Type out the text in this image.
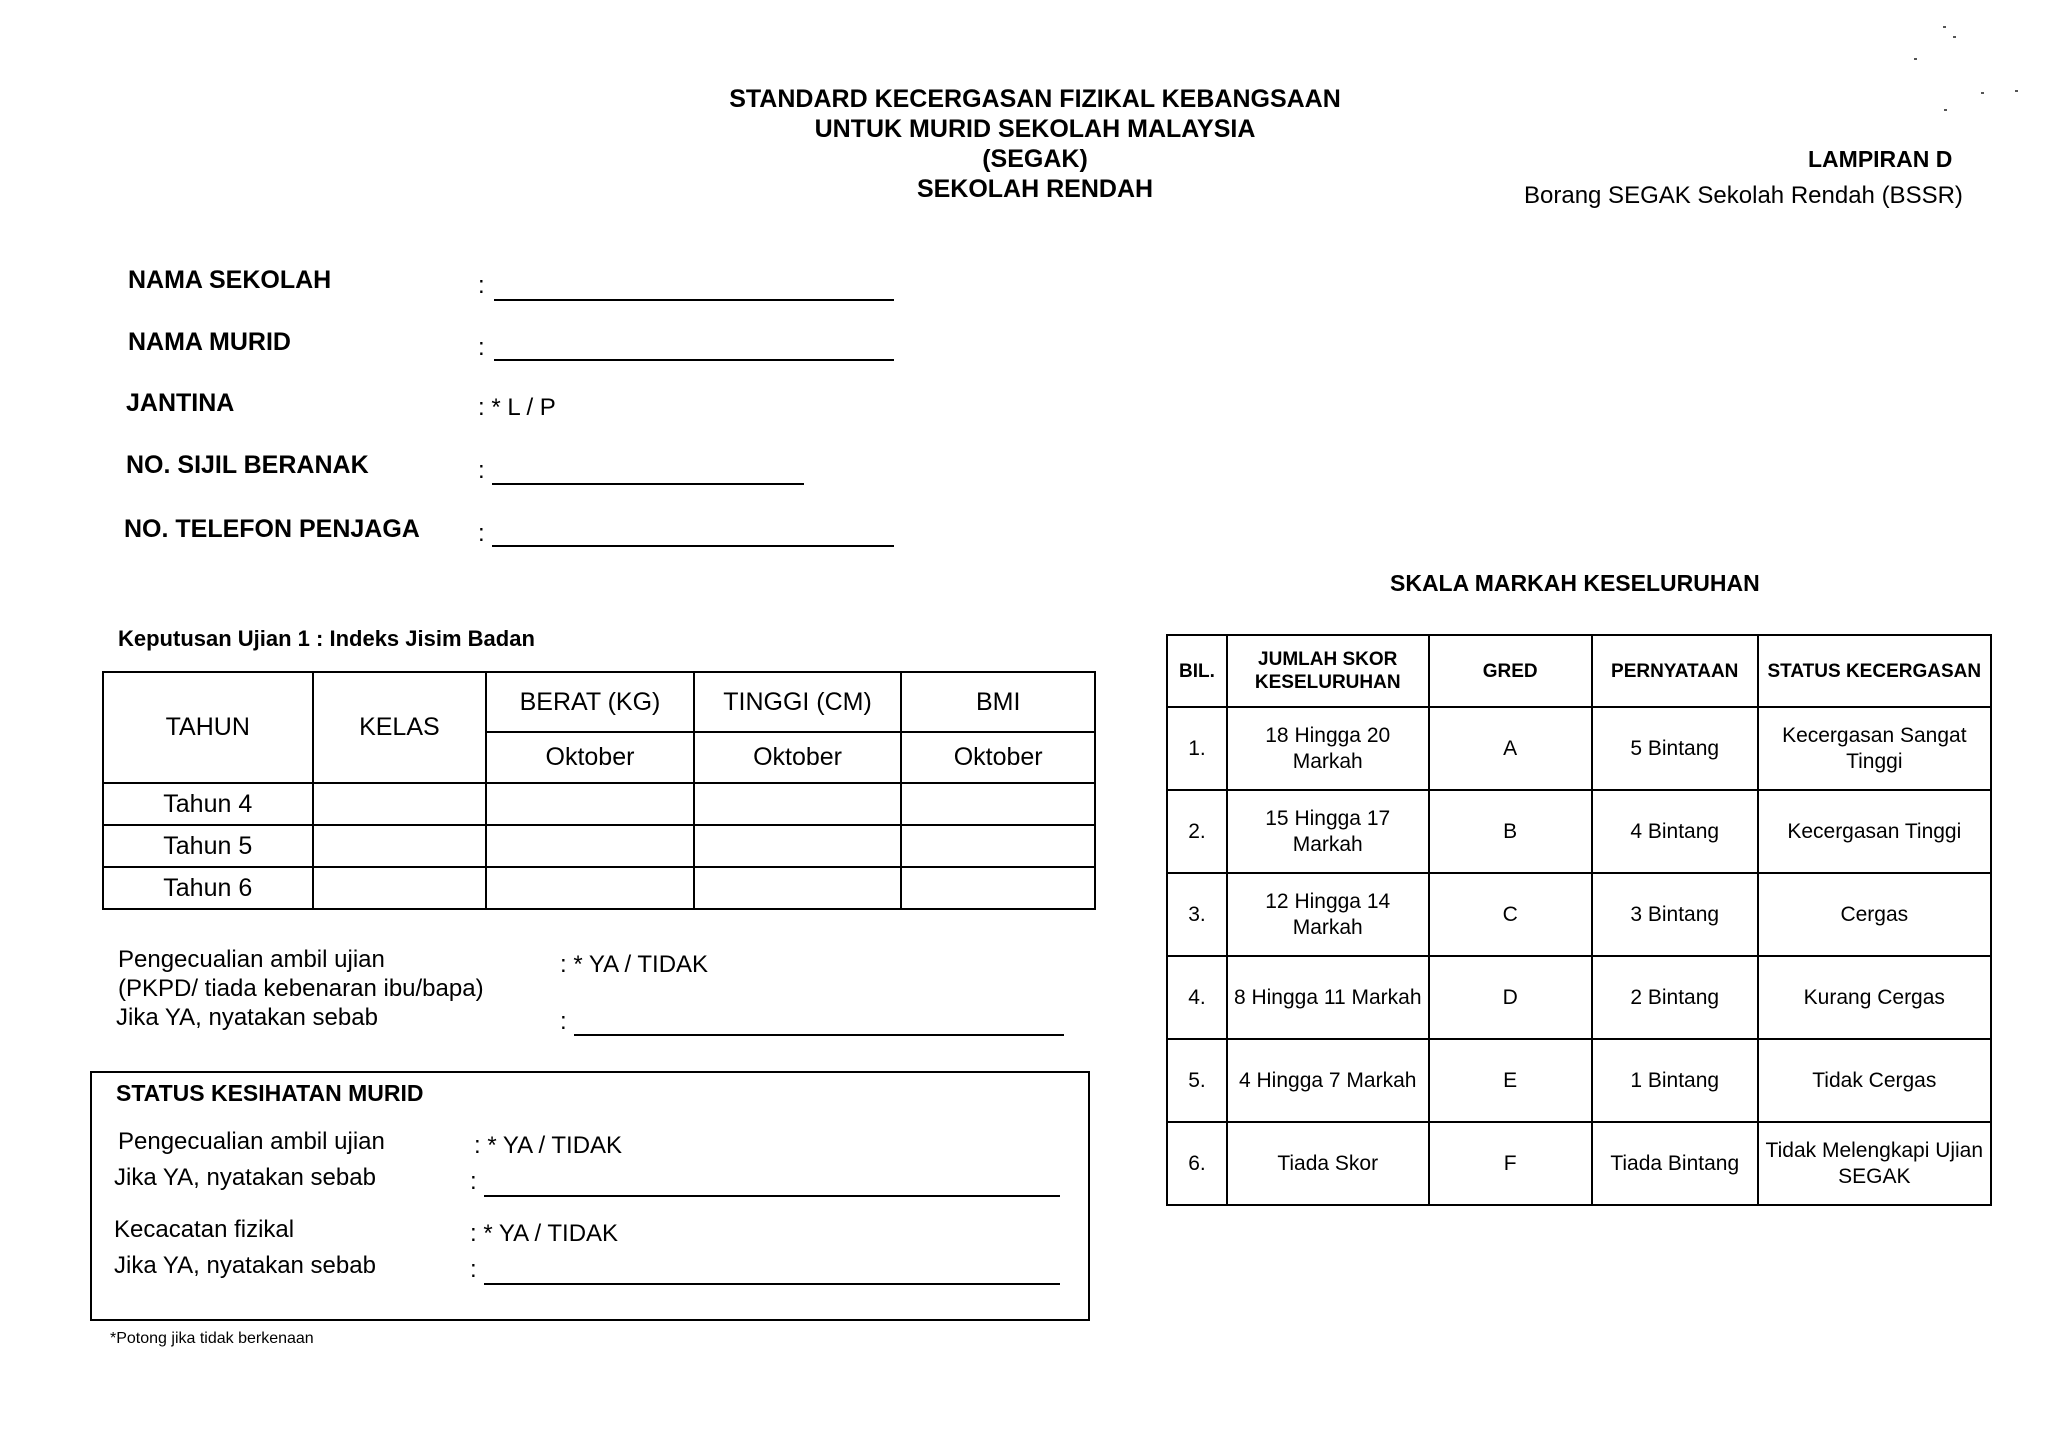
STANDARD KECERGASAN FIZIKAL KEBANGSAAN
UNTUK MURID SEKOLAH MALAYSIA
(SEGAK)
SEKOLAH RENDAH
LAMPIRAN D
Borang SEGAK Sekolah Rendah (BSSR)
NAMA SEKOLAH	:
NAMA MURID	:
JANTINA	: * L / P
NO. SIJIL BERANAK	:
NO. TELEFON PENJAGA :
Keputusan Ujian 1 : Indeks Jisim Badan
TAHUN	KELAS	BERAT (KG)	TINGGI (CM)	BMI
		Oktober	Oktober	Oktober
Tahun 4				
Tahun 5				
Tahun 6				
Pengecualian ambil ujian
(PKPD/ tiada kebenaran ibu/bapa)
: * YA / TIDAK
Jika YA, nyatakan sebab	:
STATUS KESIHATAN MURID
Pengecualian ambil ujian	: * YA / TIDAK
Jika YA, nyatakan sebab	:
Kecacatan fizikal	: * YA / TIDAK
Jika YA, nyatakan sebab	:
*Potong jika tidak berkenaan
SKALA MARKAH KESELURUHAN
BIL.	JUMLAH SKOR KESELURUHAN	GRED	PERNYATAAN	STATUS KECERGASAN
1.	18 Hingga 20 Markah	A	5 Bintang	Kecergasan Sangat Tinggi
2.	15 Hingga 17 Markah	B	4 Bintang	Kecergasan Tinggi
3.	12 Hingga 14 Markah	C	3 Bintang	Cergas
4.	8 Hingga 11 Markah	D	2 Bintang	Kurang Cergas
5.	4 Hingga 7 Markah	E	1 Bintang	Tidak Cergas
6.	Tiada Skor	F	Tiada Bintang	Tidak Melengkapi Ujian SEGAK
